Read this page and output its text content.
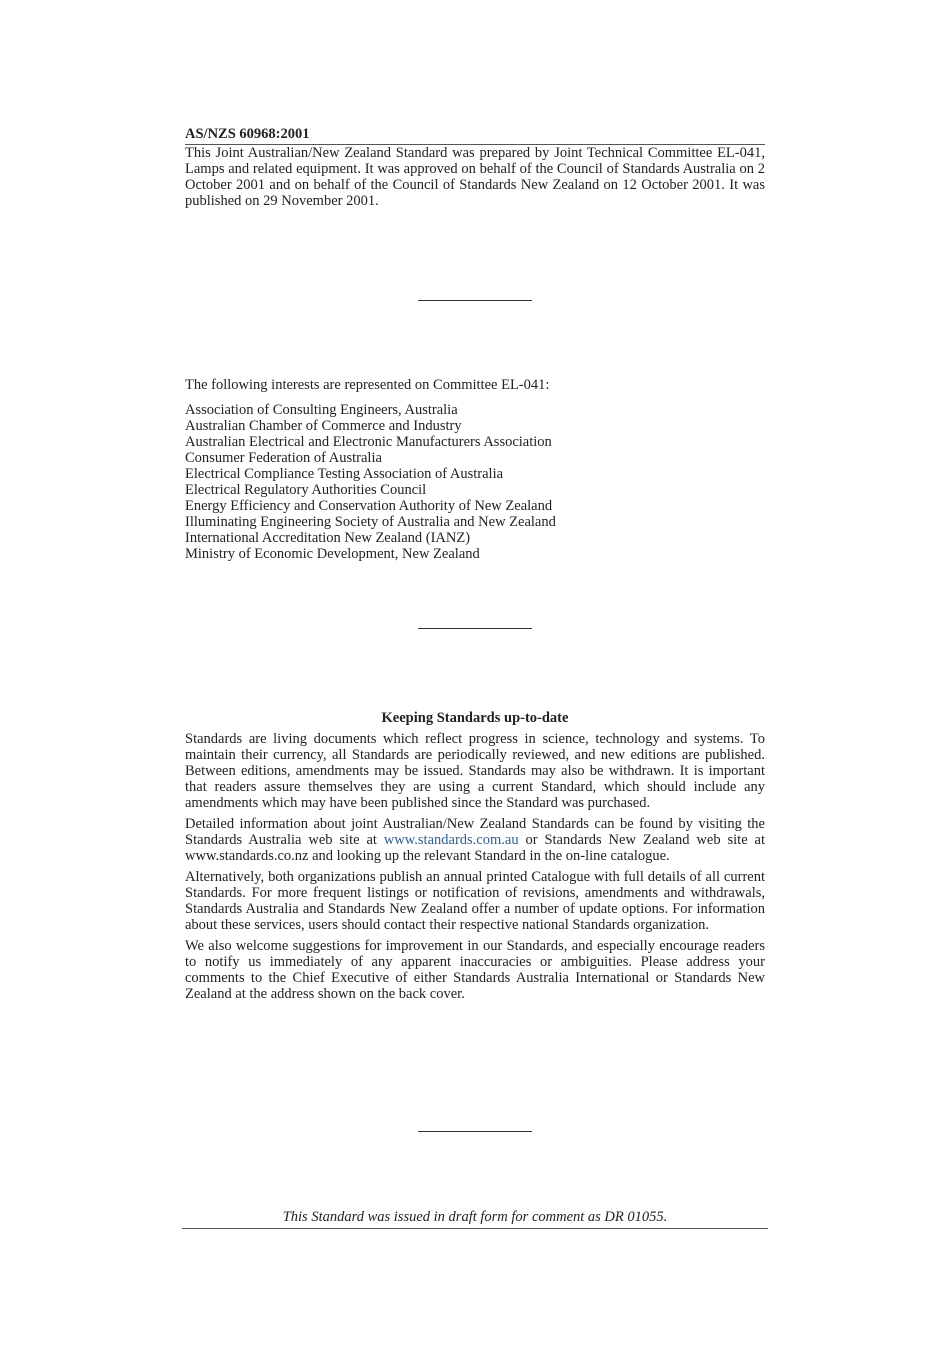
AS/NZS 60968:2001

This Joint Australian/New Zealand Standard was prepared by Joint Technical Committee EL-041, Lamps and related equipment. It was approved on behalf of the Council of Standards Australia on 2 October 2001 and on behalf of the Council of Standards New Zealand on 12 October 2001. It was published on 29 November 2001.

The following interests are represented on Committee EL-041:

Association of Consulting Engineers, Australia
Australian Chamber of Commerce and Industry
Australian Electrical and Electronic Manufacturers Association
Consumer Federation of Australia
Electrical Compliance Testing Association of Australia
Electrical Regulatory Authorities Council
Energy Efficiency and Conservation Authority of New Zealand
Illuminating Engineering Society of Australia and New Zealand
International Accreditation New Zealand (IANZ)
Ministry of Economic Development, New Zealand
Keeping Standards up-to-date

Standards are living documents which reflect progress in science, technology and systems. To maintain their currency, all Standards are periodically reviewed, and new editions are published. Between editions, amendments may be issued. Standards may also be withdrawn. It is important that readers assure themselves they are using a current Standard, which should include any amendments which may have been published since the Standard was purchased.

Detailed information about joint Australian/New Zealand Standards can be found by visiting the Standards Australia web site at www.standards.com.au or Standards New Zealand web site at www.standards.co.nz and looking up the relevant Standard in the on-line catalogue.

Alternatively, both organizations publish an annual printed Catalogue with full details of all current Standards. For more frequent listings or notification of revisions, amendments and withdrawals, Standards Australia and Standards New Zealand offer a number of update options. For information about these services, users should contact their respective national Standards organization.

We also welcome suggestions for improvement in our Standards, and especially encourage readers to notify us immediately of any apparent inaccuracies or ambiguities. Please address your comments to the Chief Executive of either Standards Australia International or Standards New Zealand at the address shown on the back cover.

This Standard was issued in draft form for comment as DR 01055.
